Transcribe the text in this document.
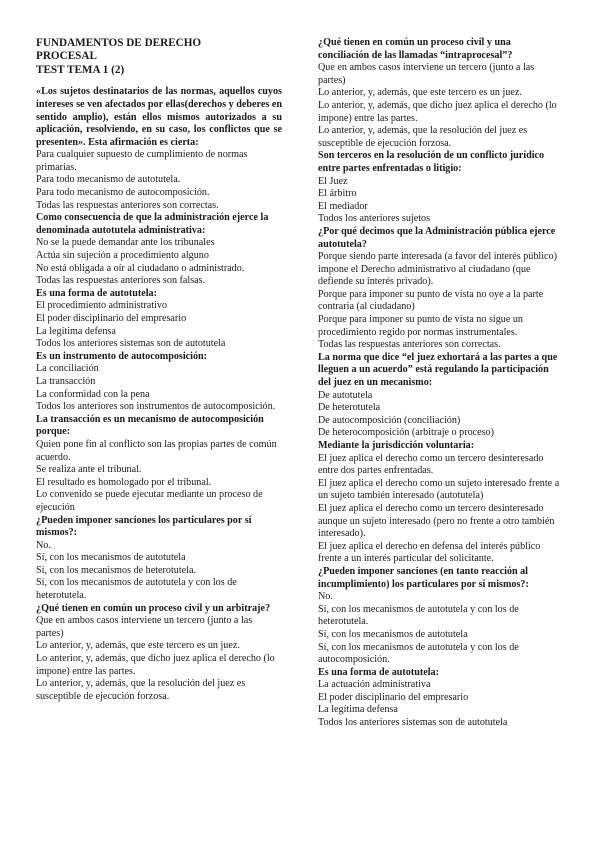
FUNDAMENTOS DE DERECHO
PROCESAL
TEST TEMA 1 (2)
«Los sujetos destinatarios de las normas, aquellos cuyos intereses se ven afectados por ellas(derechos y deberes en sentido amplio), están ellos mismos autorizados a su aplicación, resolviendo, en su caso, los conflictos que se presenten». Esta afirmación es cierta:
Para cualquier supuesto de cumplimiento de normas primarias.
Para todo mecanismo de autotutela.
Para todo mecanismo de autocomposición.
Todas las respuestas anteriores son correctas.
Como consecuencia de que la administración ejerce la denominada autotutela administrativa:
No se la puede demandar ante los tribunales
Actúa sin sujeción a procedimiento alguno
No está obligada a oír al ciudadano o administrado.
Todas las respuestas anteriores son falsas.
Es una forma de autotutela:
El procedimiento administrativo
El poder disciplinario del empresario
La legítima defensa
Todos los anteriores sistemas son de autotutela
Es un instrumento de autocomposición:
La conciliación
La transacción
La conformidad con la pena
Todos los anteriores son instrumentos de autocomposición.
La transacción es un mecanismo de autocomposición porque:
Quien pone fin al conflicto son las propias partes de común acuerdo.
Se realiza ante el tribunal.
El resultado es homologado por el tribunal.
Lo convenido se puede ejecutar mediante un proceso de ejecución
¿Pueden imponer sanciones los particulares por sí mismos?:
No.
Sí, con los mecanismos de autotutela
Sí, con los mecanismos de heterotutela.
Sí, con los mecanismos de autotutela y con los de heterotutela.
¿Qué tienen en común un proceso civil y un arbitraje?
Que en ambos casos interviene un tercero (junto a las partes)
Lo anterior, y, además, que este tercero es un juez.
Lo anterior, y, además, que dicho juez aplica el derecho (lo impone) entre las partes.
Lo anterior, y, además, que la resolución del juez es susceptible de ejecución forzosa.
¿Qué tienen en común un proceso civil y una conciliación de las llamadas “intraprocesal”?
Que en ambos casos interviene un tercero (junto a las partes)
Lo anterior, y, además, que este tercero es un juez.
Lo anterior, y, además, que dicho juez aplica el derecho (lo impone) entre las partes.
Lo anterior, y, además, que la resolución del juez es susceptible de ejecución forzosa.
Son terceros en la resolución de un conflicto jurídico entre partes enfrentadas o litigio:
El Juez
El árbitro
El mediador
Todos los anteriores sujetos
¿Por qué decimos que la Administración pública ejerce autotutela?
Porque siendo parte interesada (a favor del interés público) impone el Derecho administrativo al ciudadano (que defiende su interés privado).
Porque para imponer su punto de vista no oye a la parte contraria (al ciudadano)
Porque para imponer su punto de vista no sigue un procedimiento regido por normas instrumentales.
Todas las respuestas anteriores son correctas.
La norma que dice “el juez exhortará a las partes a que lleguen a un acuerdo” está regulando la participación del juez en un mecanismo:
De autotutela
De heterotutela
De autocomposición (conciliación)
De heterocomposición (arbitraje o proceso)
Mediante la jurisdicción voluntaria:
El juez aplica el derecho como un tercero desinteresado entre dos partes enfrentadas.
El juez aplica el derecho como un sujeto interesado frente a un sujeto también interesado (autotutela)
El juez aplica el derecho como un tercero desinteresado aunque un sujeto interesado (pero no frente a otro también interesado).
El juez aplica el derecho en defensa del interés público frente a un interés particular del solicitante.
¿Pueden imponer sanciones (en tanto reacción al incumplimiento) los particulares por sí mismos?:
No.
Sí, con los mecanismos de autotutela y con los de heterotutela.
Sí, con los mecanismos de autotutela
Sí, con los mecanismos de autotutela y con los de autocomposición.
Es una forma de autotutela:
La actuación administrativa
El poder disciplinario del empresario
La legítima defensa
Todos los anteriores sistemas son de autotutela
